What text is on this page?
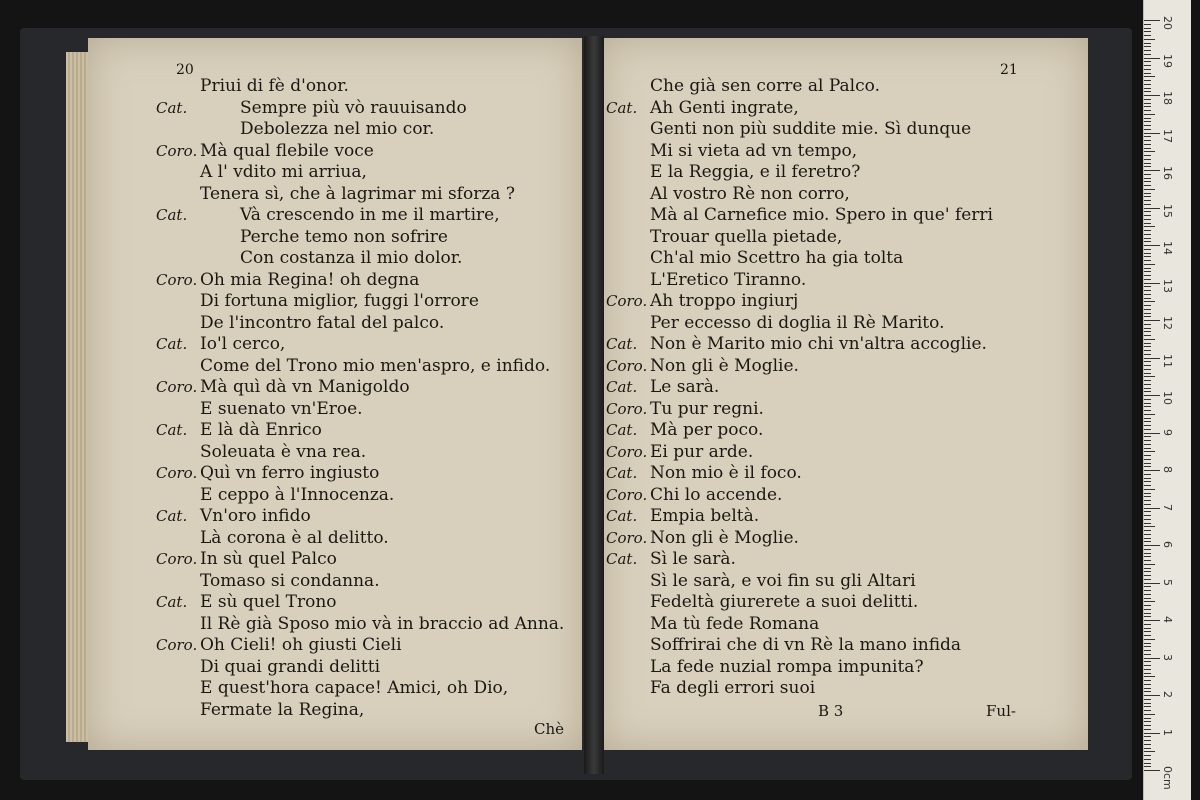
20	21
Priui di fè d'onor.
Cat.	Sempre più vò rauuisando
Debolezza nel mio cor.
Coro. Mà qual flebile voce
A l' vdito mi arriua,
Tenera sì, che à lagrimar mi sforza ?
Cat.	Và crescendo in me il martire,
Perche temo non sofrire
Con costanza il mio dolor.
Coro. Oh mia Regina! oh degna
Di fortuna miglior, fuggi l'orrore
De l'incontro fatal del palco.
Cat. Io'l cerco,
Come del Trono mio men'aspro, e infido.
Coro. Mà quì dà vn Manigoldo
E suenato vn'Eroe.
Cat. E là dà Enrico
Soleuata è vna rea.
Coro. Quì vn ferro ingiusto
E ceppo à l'Innocenza.
Cat. Vn'oro infido
Là corona è al delitto.
Coro. In sù quel Palco
Tomaso si condanna.
Cat. E sù quel Trono
Il Rè già Sposo mio và in braccio ad Anna.
Coro. Oh Cieli! oh giusti Cieli
Di quai grandi delitti
E quest'hora capace! Amici, oh Dio,
Fermate la Regina,
Che già sen corre al Palco.
Cat. Ah Genti ingrate,
Genti non più suddite mie. Sì dunque
Mi si vieta ad vn tempo,
E la Reggia, e il feretro?
Al vostro Rè non corro,
Mà al Carnefice mio. Spero in que' ferri
Trouar quella pietade,
Ch'al mio Scettro ha gia tolta
L'Eretico Tiranno.
Coro. Ah troppo ingiurj
Per eccesso di doglia il Rè Marito.
Cat. Non è Marito mio chi vn'altra accoglie.
Coro. Non gli è Moglie.
Cat. Le sarà.
Coro. Tu pur regni.
Cat. Mà per poco.
Coro. Ei pur arde.
Cat. Non mio è il foco.
Coro. Chi lo accende.
Cat. Empia beltà.
Coro. Non gli è Moglie.
Cat. Sì le sarà.
Sì le sarà, e voi fin su gli Altari
Fedeltà giurerete a suoi delitti.
Ma tù fede Romana
Soffrirai che di vn Rè la mano infida
La fede nuzial rompa impunita?
Fa degli errori suoi
Chè
B 3	Ful-
0cm
1
2
3
4
5
6
7
8
9
10
11
12
13
14
15
16
17
18
19
20
